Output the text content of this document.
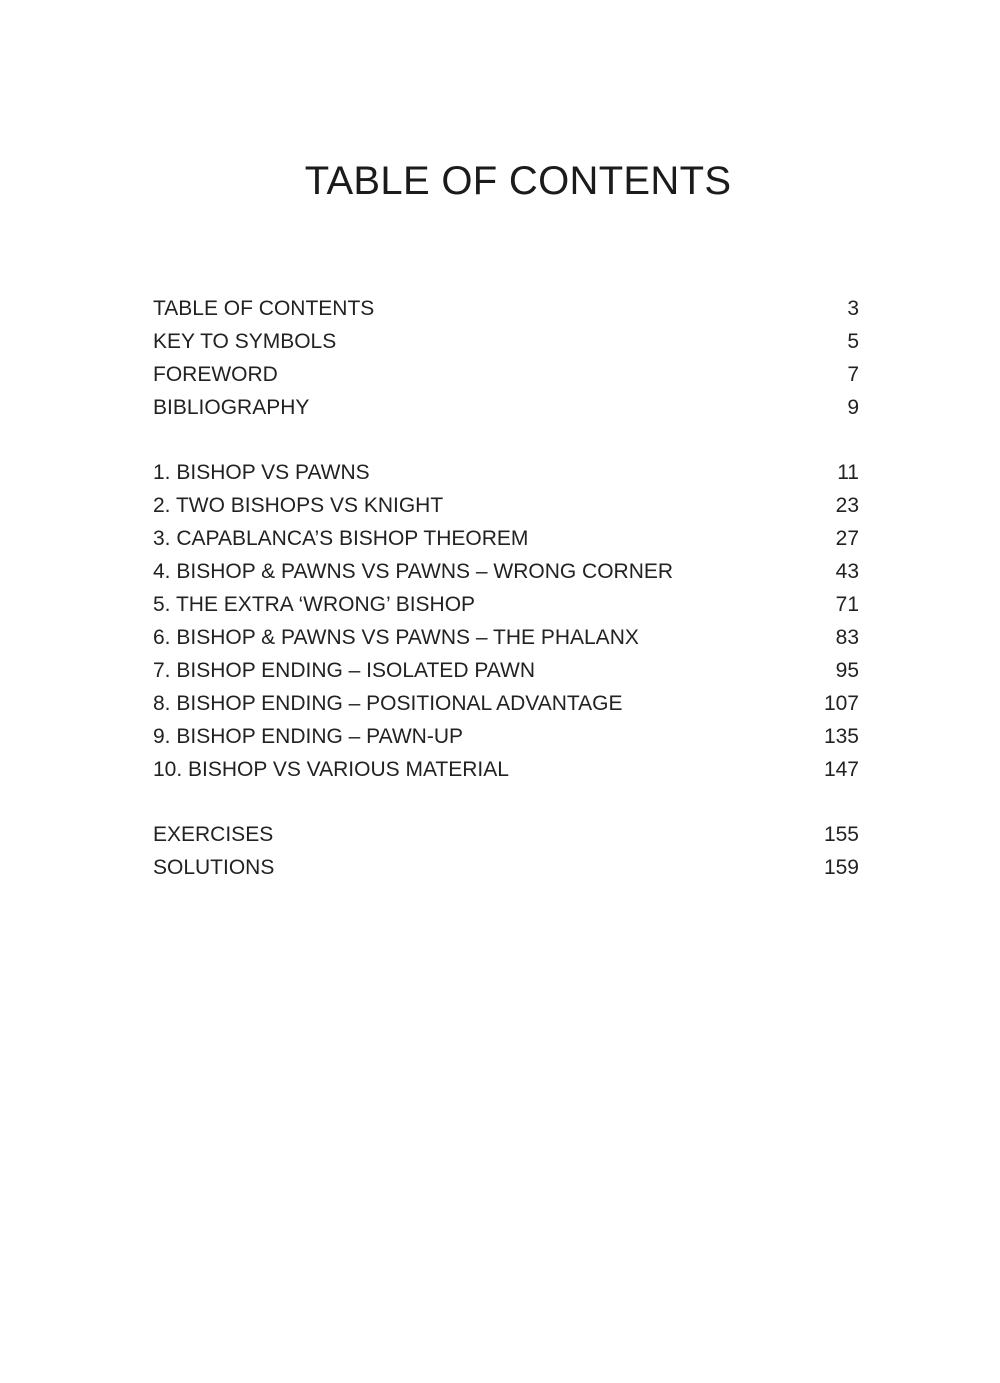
TABLE OF CONTENTS
TABLE OF CONTENTS	3
KEY TO SYMBOLS	5
FOREWORD	7
BIBLIOGRAPHY	9
1. BISHOP VS PAWNS	11
2. TWO BISHOPS VS KNIGHT	23
3. CAPABLANCA’S BISHOP THEOREM	27
4. BISHOP & PAWNS VS PAWNS – WRONG CORNER	43
5. THE EXTRA ‘WRONG’ BISHOP	71
6. BISHOP & PAWNS VS PAWNS – THE PHALANX	83
7. BISHOP ENDING – ISOLATED PAWN	95
8. BISHOP ENDING – POSITIONAL ADVANTAGE	107
9. BISHOP ENDING – PAWN-UP	135
10. BISHOP VS VARIOUS MATERIAL	147
EXERCISES	155
SOLUTIONS	159
